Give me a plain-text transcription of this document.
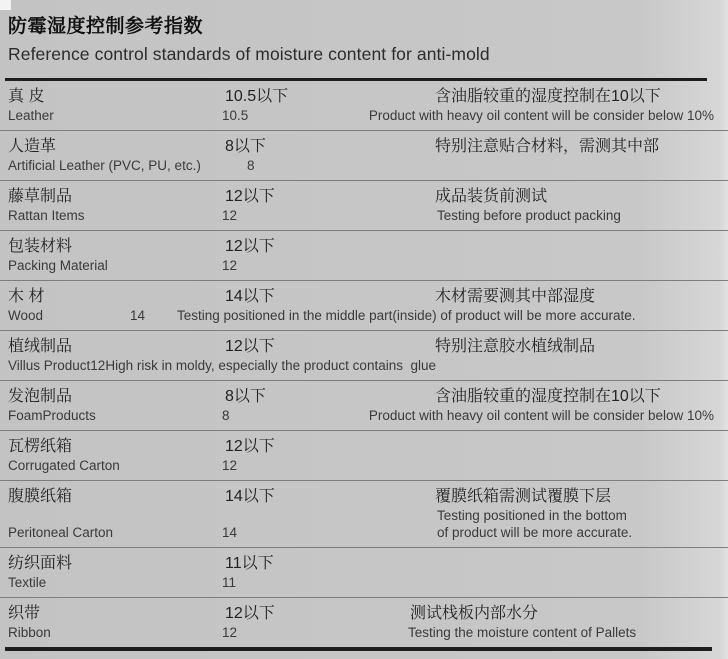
防霉湿度控制参考指数
Reference control standards of moisture content for anti-mold
真 皮	10.5以下	含油脂较重的湿度控制在10以下
Leather	10.5	Product with heavy oil content will be consider below 10%
人造革	8以下	特别注意贴合材料，需测其中部
Artificial Leather (PVC, PU, etc.)	8
藤草制品	12以下	成品装货前测试
Rattan Items	12	Testing before product packing
包装材料	12以下
Packing Material	12
木 材	14以下	木材需要测其中部湿度
Wood	14	Testing positioned in the middle part(inside) of product will be more accurate.
植绒制品	12以下	特别注意胶水植绒制品
Villus Product 12 High risk in moldy, especially the product contains  glue
发泡制品	8以下	含油脂较重的湿度控制在10以下
FoamProducts	8	Product with heavy oil content will be consider below 10%
瓦楞纸箱	12以下
Corrugated Carton	12
腹膜纸箱	14以下	覆膜纸箱需测试覆膜下层
Testing positioned in the bottom
Peritoneal Carton	14	of product will be more accurate.
纺织面料	11以下
Textile	11
织带	12以下	测试栈板内部水分
Ribbon	12	Testing the moisture content of Pallets
